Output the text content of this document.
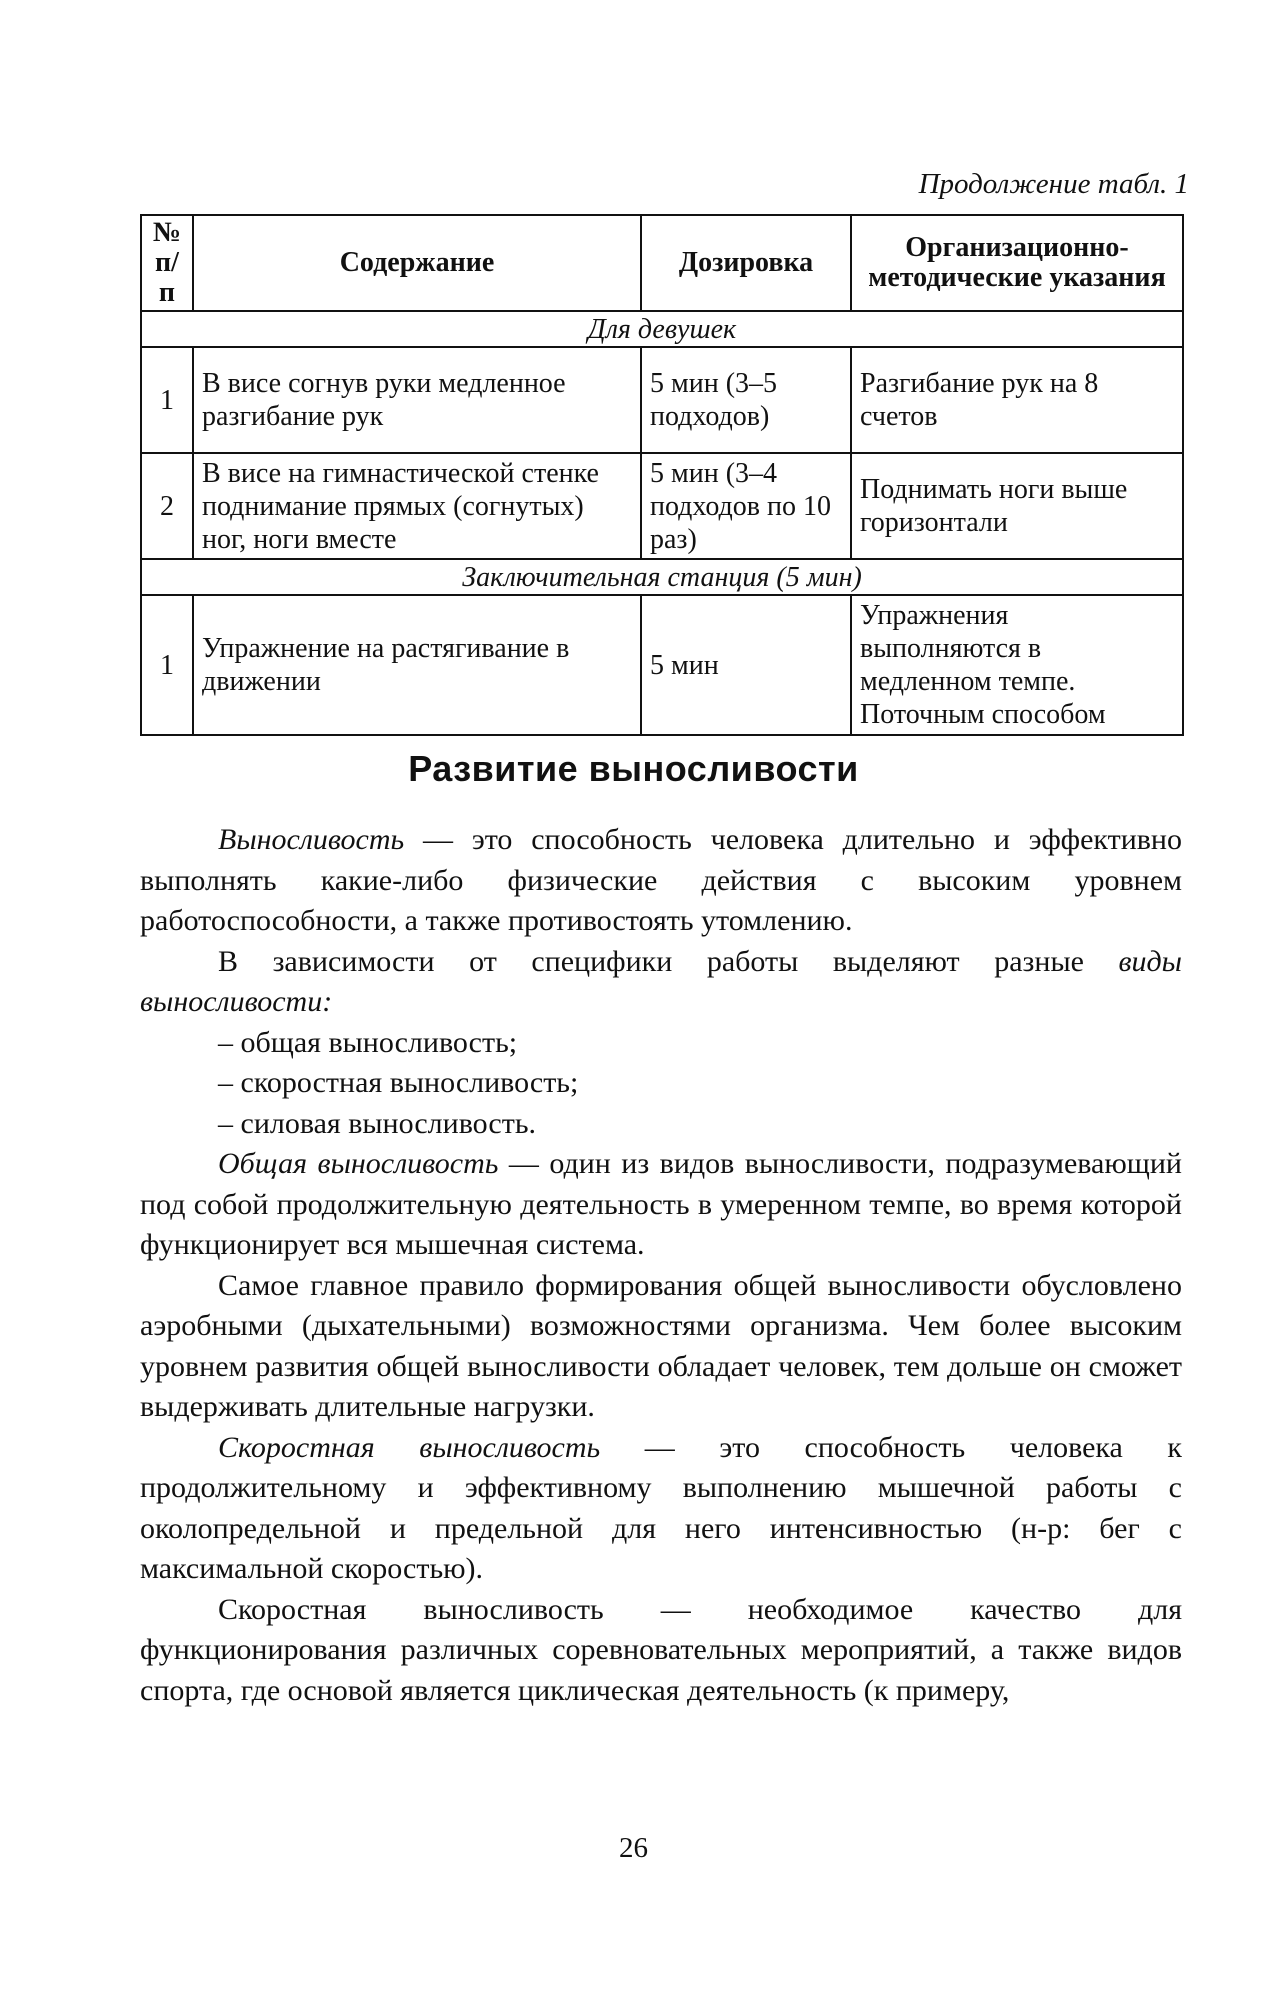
Продолжение табл. 1
№ п/п	Содержание	Дозировка	Организационно-методические указания
Для девушек			
1	В висе согнув руки медленное разгибание рук	5 мин (3–5 подходов)	Разгибание рук на 8 счетов
2	В висе на гимнастической стенке поднимание прямых (согнутых) ног, ноги вместе	5 мин (3–4 подходов по 10 раз)	Поднимать ноги выше горизонтали
Заключительная станция (5 мин)			
1	Упражнение на растягивание в движении	5 мин	Упражнения выполняются в медленном темпе. Поточным способом
Развитие выносливости

Выносливость — это способность человека длительно и эффективно выполнять какие-либо физические действия с высоким уровнем работоспособности, а также противостоять утомлению.

В зависимости от специфики работы выделяют разные виды выносливости:

– общая выносливость;

– скоростная выносливость;

– силовая выносливость.

Общая выносливость — один из видов выносливости, подразумевающий под собой продолжительную деятельность в умеренном темпе, во время которой функционирует вся мышечная система.

Самое главное правило формирования общей выносливости обусловлено аэробными (дыхательными) возможностями организма. Чем более высоким уровнем развития общей выносливости обладает человек, тем дольше он сможет выдерживать длительные нагрузки.

Скоростная выносливость — это способность человека к продолжительному и эффективному выполнению мышечной работы с околопредельной и предельной для него интенсивностью (н-р: бег с максимальной скоростью).

Скоростная выносливость — необходимое качество для функционирования различных соревновательных мероприятий, а также видов спорта, где основой является циклическая деятельность (к примеру,

26
